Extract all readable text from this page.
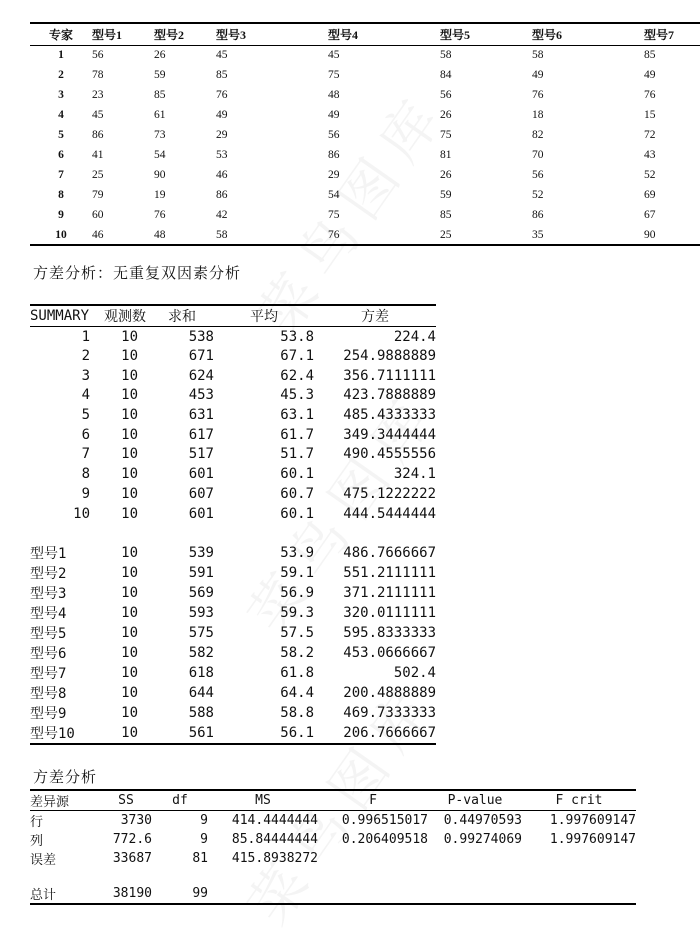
专家	型号1	型号2	型号3	型号4	型号5	型号6	型号7
1	56	26	45	45	58	58	85
2	78	59	85	75	84	49	49
3	23	85	76	48	56	76	76
4	45	61	49	49	26	18	15
5	86	73	29	56	75	82	72
6	41	54	53	86	81	70	43
7	25	90	46	29	26	56	52
8	79	19	86	54	59	52	69
9	60	76	42	75	85	86	67
10	46	48	58	76	25	35	90
方差分析：无重复双因素分析
SUMMARY	观测数	求和	平均	方差
1	10	538	53.8	224.4
2	10	671	67.1	254.9888889
3	10	624	62.4	356.7111111
4	10	453	45.3	423.7888889
5	10	631	63.1	485.4333333
6	10	617	61.7	349.3444444
7	10	517	51.7	490.4555556
8	10	601	60.1	324.1
9	10	607	60.7	475.1222222
10	10	601	60.1	444.5444444

型号1	10	539	53.9	486.7666667
型号2	10	591	59.1	551.2111111
型号3	10	569	56.9	371.2111111
型号4	10	593	59.3	320.0111111
型号5	10	575	57.5	595.8333333
型号6	10	582	58.2	453.0666667
型号7	10	618	61.8	502.4
型号8	10	644	64.4	200.4888889
型号9	10	588	58.8	469.7333333
型号10	10	561	56.1	206.7666667
方差分析
差异源	SS	df	MS	F	P-value	F crit
行	3730	9	414.4444444	0.996515017	0.44970593	1.997609147
列	772.6	9	85.84444444	0.206409518	0.99274069	1.997609147
误差	33687	81	415.8938272			

总计	38190	99				
